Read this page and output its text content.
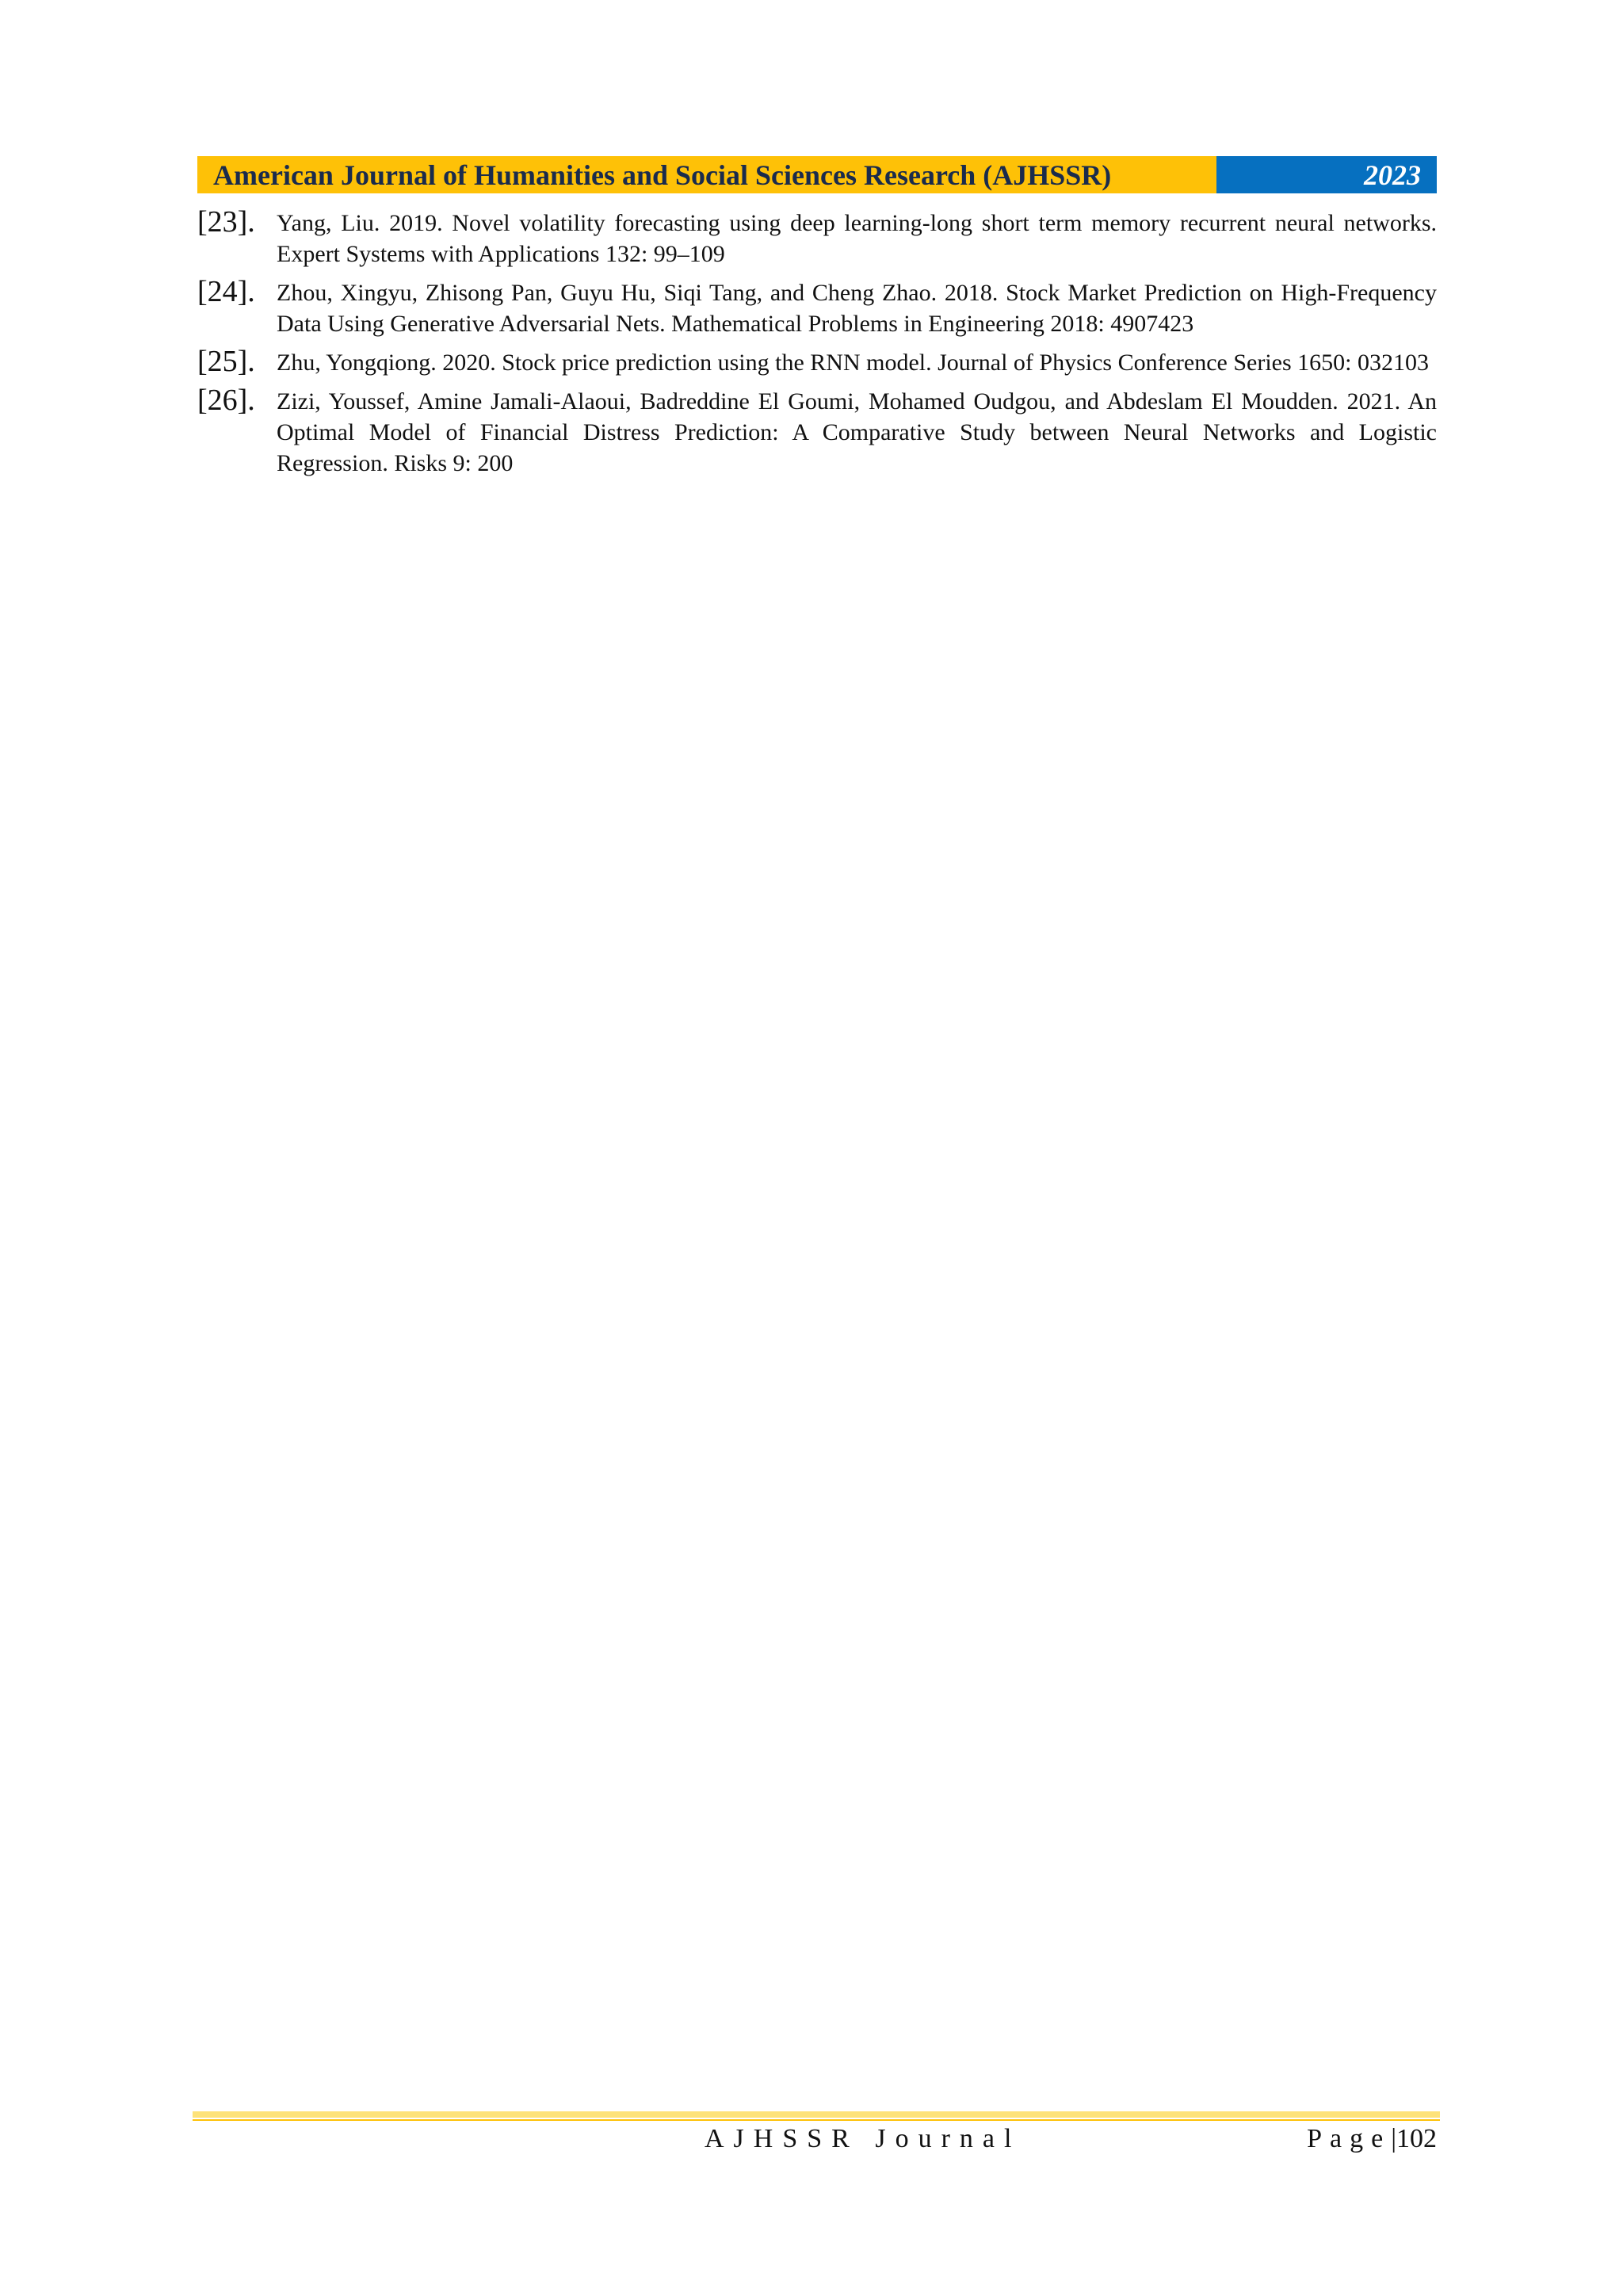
American Journal of Humanities and Social Sciences Research (AJHSSR)	2023
[23]. Yang, Liu. 2019. Novel volatility forecasting using deep learning-long short term memory recurrent neural networks. Expert Systems with Applications 132: 99–109
[24]. Zhou, Xingyu, Zhisong Pan, Guyu Hu, Siqi Tang, and Cheng Zhao. 2018. Stock Market Prediction on High-Frequency Data Using Generative Adversarial Nets. Mathematical Problems in Engineering 2018: 4907423
[25]. Zhu, Yongqiong. 2020. Stock price prediction using the RNN model. Journal of Physics Conference Series 1650: 032103
[26]. Zizi, Youssef, Amine Jamali-Alaoui, Badreddine El Goumi, Mohamed Oudgou, and Abdeslam El Moudden. 2021. An Optimal Model of Financial Distress Prediction: A Comparative Study between Neural Networks and Logistic Regression. Risks 9: 200
AJHSSR Journal	Page|102
